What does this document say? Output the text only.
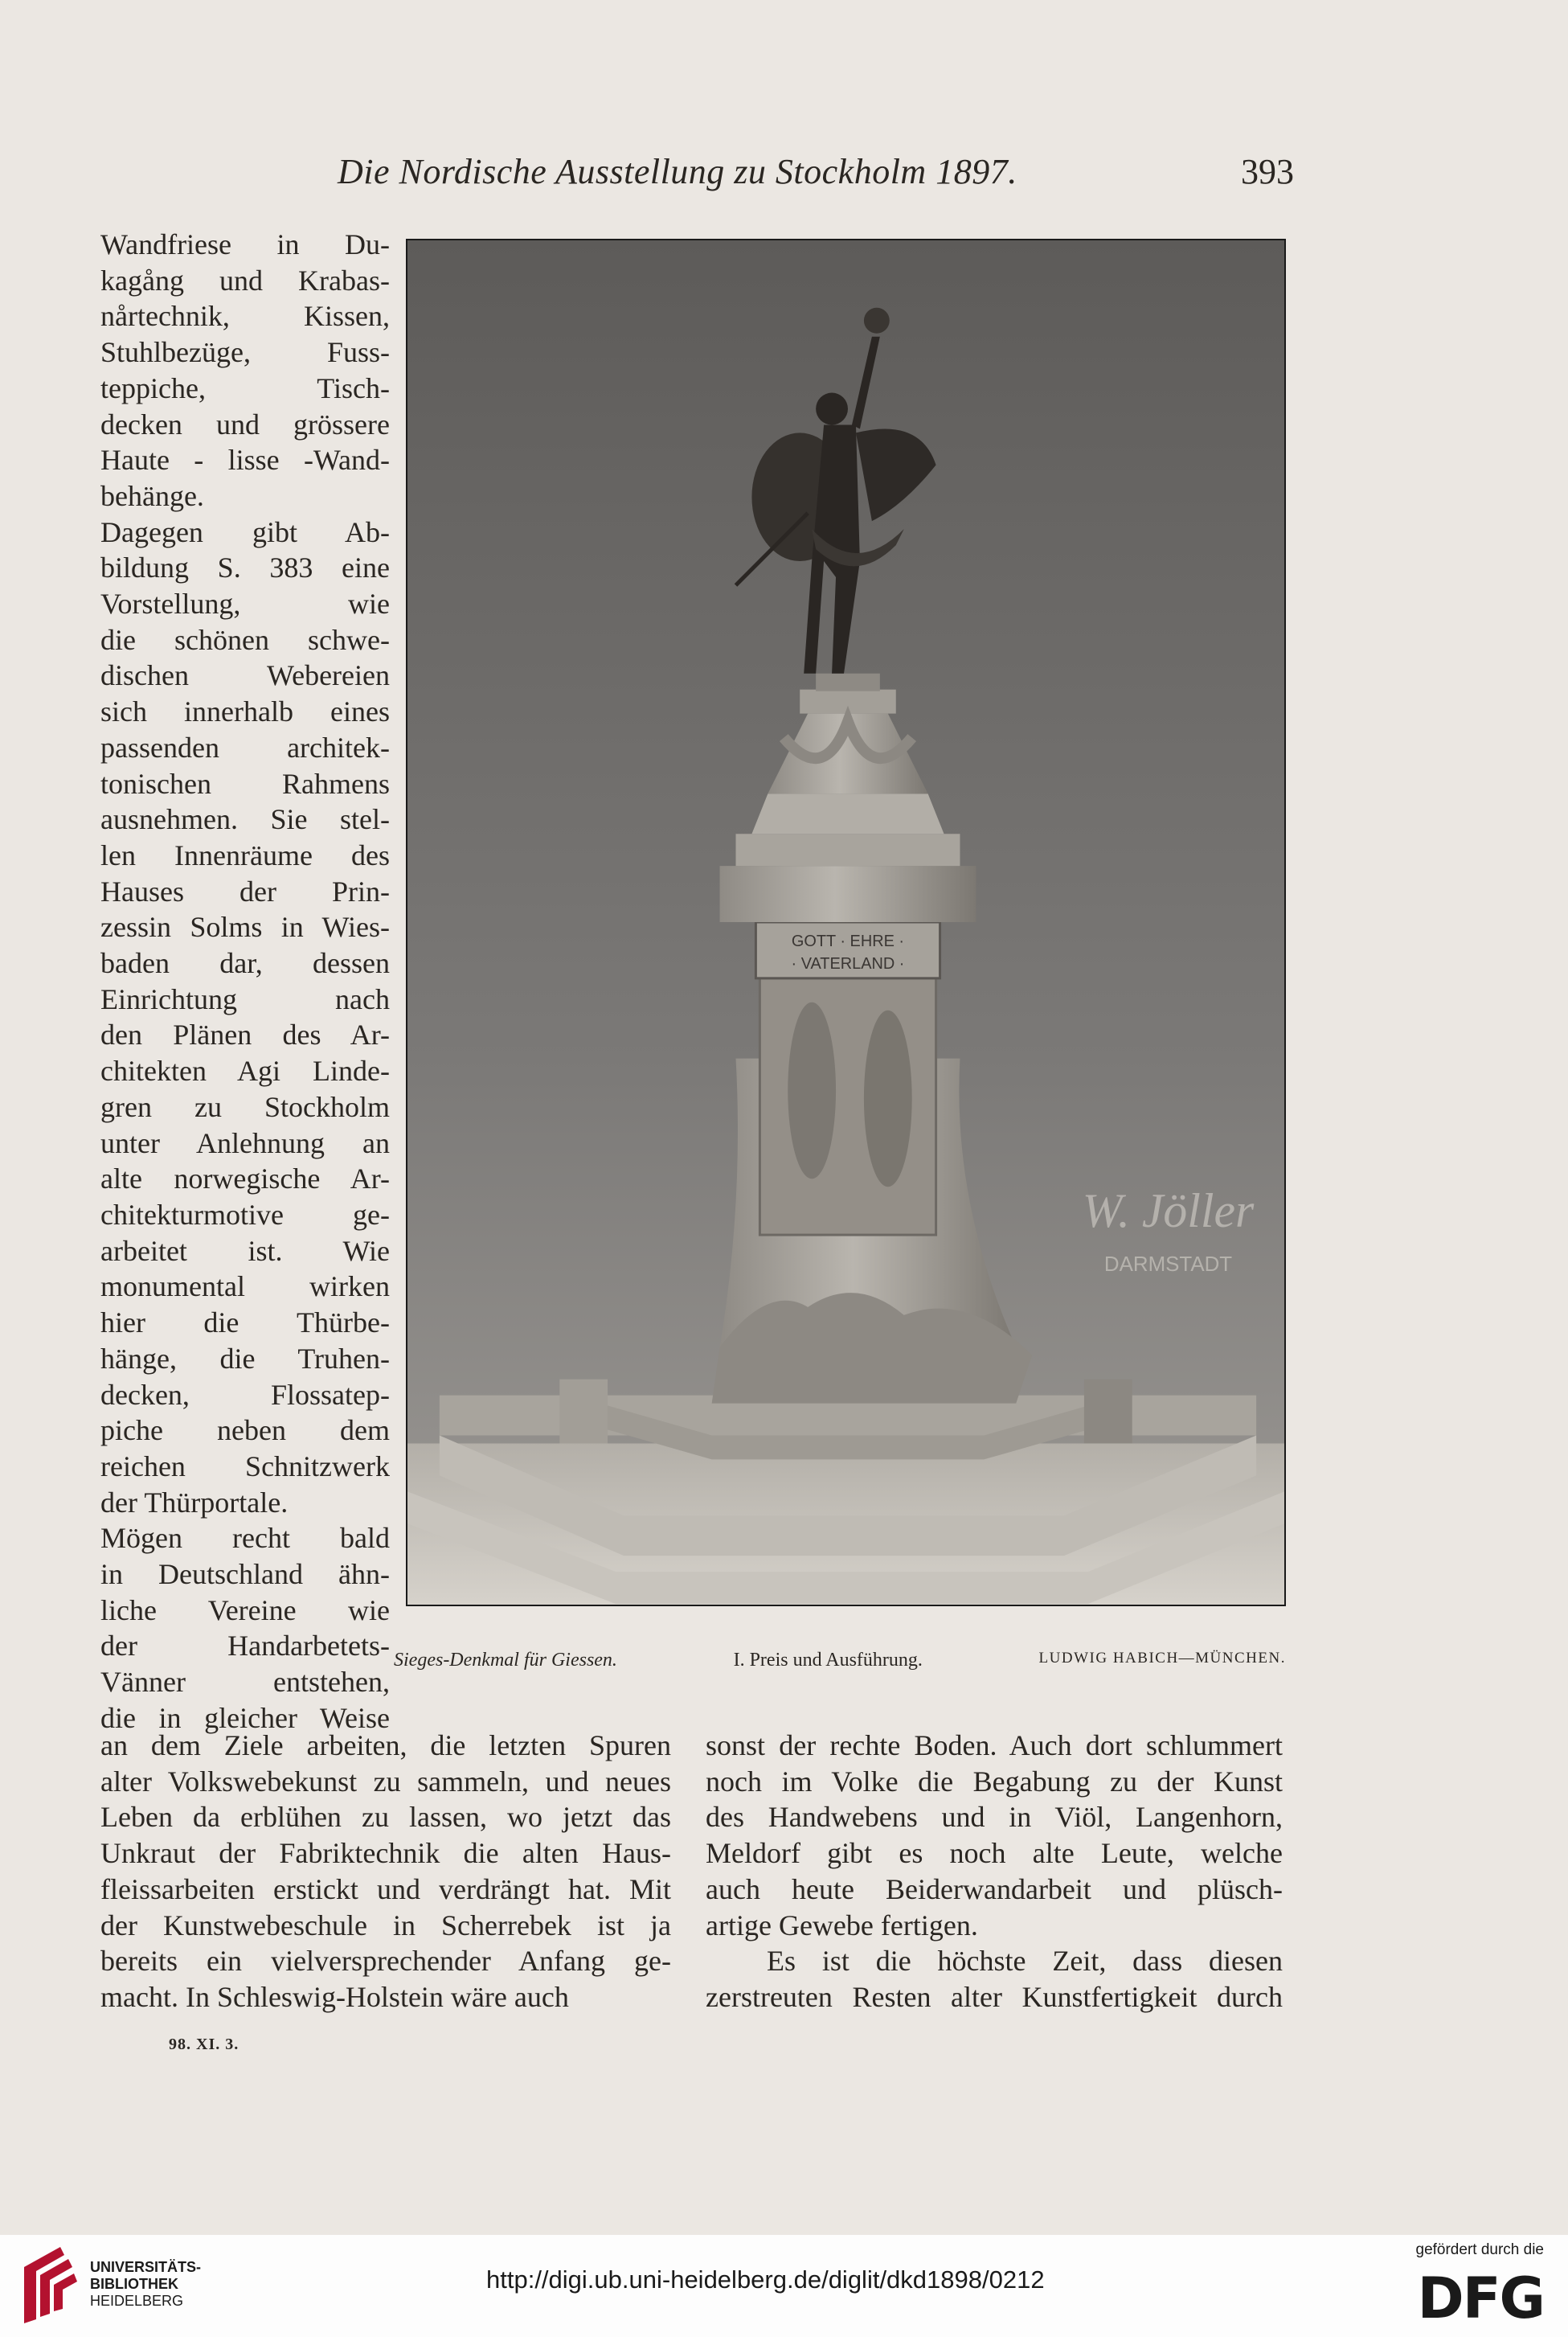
Die Nordische Ausstellung zu Stockholm 1897.	393
Wandfriese in Du-
kagång und Krabas-
nårtechnik, Kissen,
Stuhlbezüge, Fuss-
teppiche, Tisch-
decken und grössere
Haute - lisse -Wand-
behänge.
Dagegen gibt Ab-
bildung S. 383 eine
Vorstellung, wie
die schönen schwe-
dischen Webereien
sich innerhalb eines
passenden architek-
tonischen Rahmens
ausnehmen. Sie stel-
len Innenräume des
Hauses der Prin-
zessin Solms in Wies-
baden dar, dessen
Einrichtung nach
den Plänen des Ar-
chitekten Agi Linde-
gren zu Stockholm
unter Anlehnung an
alte norwegische Ar-
chitekturmotive ge-
arbeitet ist. Wie
monumental wirken
hier die Thürbe-
hänge, die Truhen-
decken, Flossatep-
piche neben dem
reichen Schnitzwerk
der Thürportale.
Mögen recht bald
in Deutschland ähn-
liche Vereine wie
der Handarbetets-
Vänner entstehen,
die in gleicher Weise
GOTT · EHRE ·
· VATERLAND ·
W. Jöller
DARMSTADT
Sieges-Denkmal für Giessen.	I. Preis und Ausführung.	LUDWIG HABICH—MÜNCHEN.
an dem Ziele arbeiten, die letzten Spuren
alter Volkswebekunst zu sammeln, und neues
Leben da erblühen zu lassen, wo jetzt das
Unkraut der Fabriktechnik die alten Haus-
fleissarbeiten erstickt und verdrängt hat. Mit
der Kunstwebeschule in Scherrebek ist ja
bereits ein vielversprechender Anfang ge-
macht. In Schleswig-Holstein wäre auch
sonst der rechte Boden. Auch dort schlummert
noch im Volke die Begabung zu der Kunst
des Handwebens und in Viöl, Langenhorn,
Meldorf gibt es noch alte Leute, welche
auch heute Beiderwandarbeit und plüsch-
artige Gewebe fertigen.
Es ist die höchste Zeit, dass diesen
zerstreuten Resten alter Kunstfertigkeit durch
98. XI. 3.
UNIVERSITÄTS-
BIBLIOTHEK
HEIDELBERG
http://digi.ub.uni-heidelberg.de/diglit/dkd1898/0212
gefördert durch die
DFG
